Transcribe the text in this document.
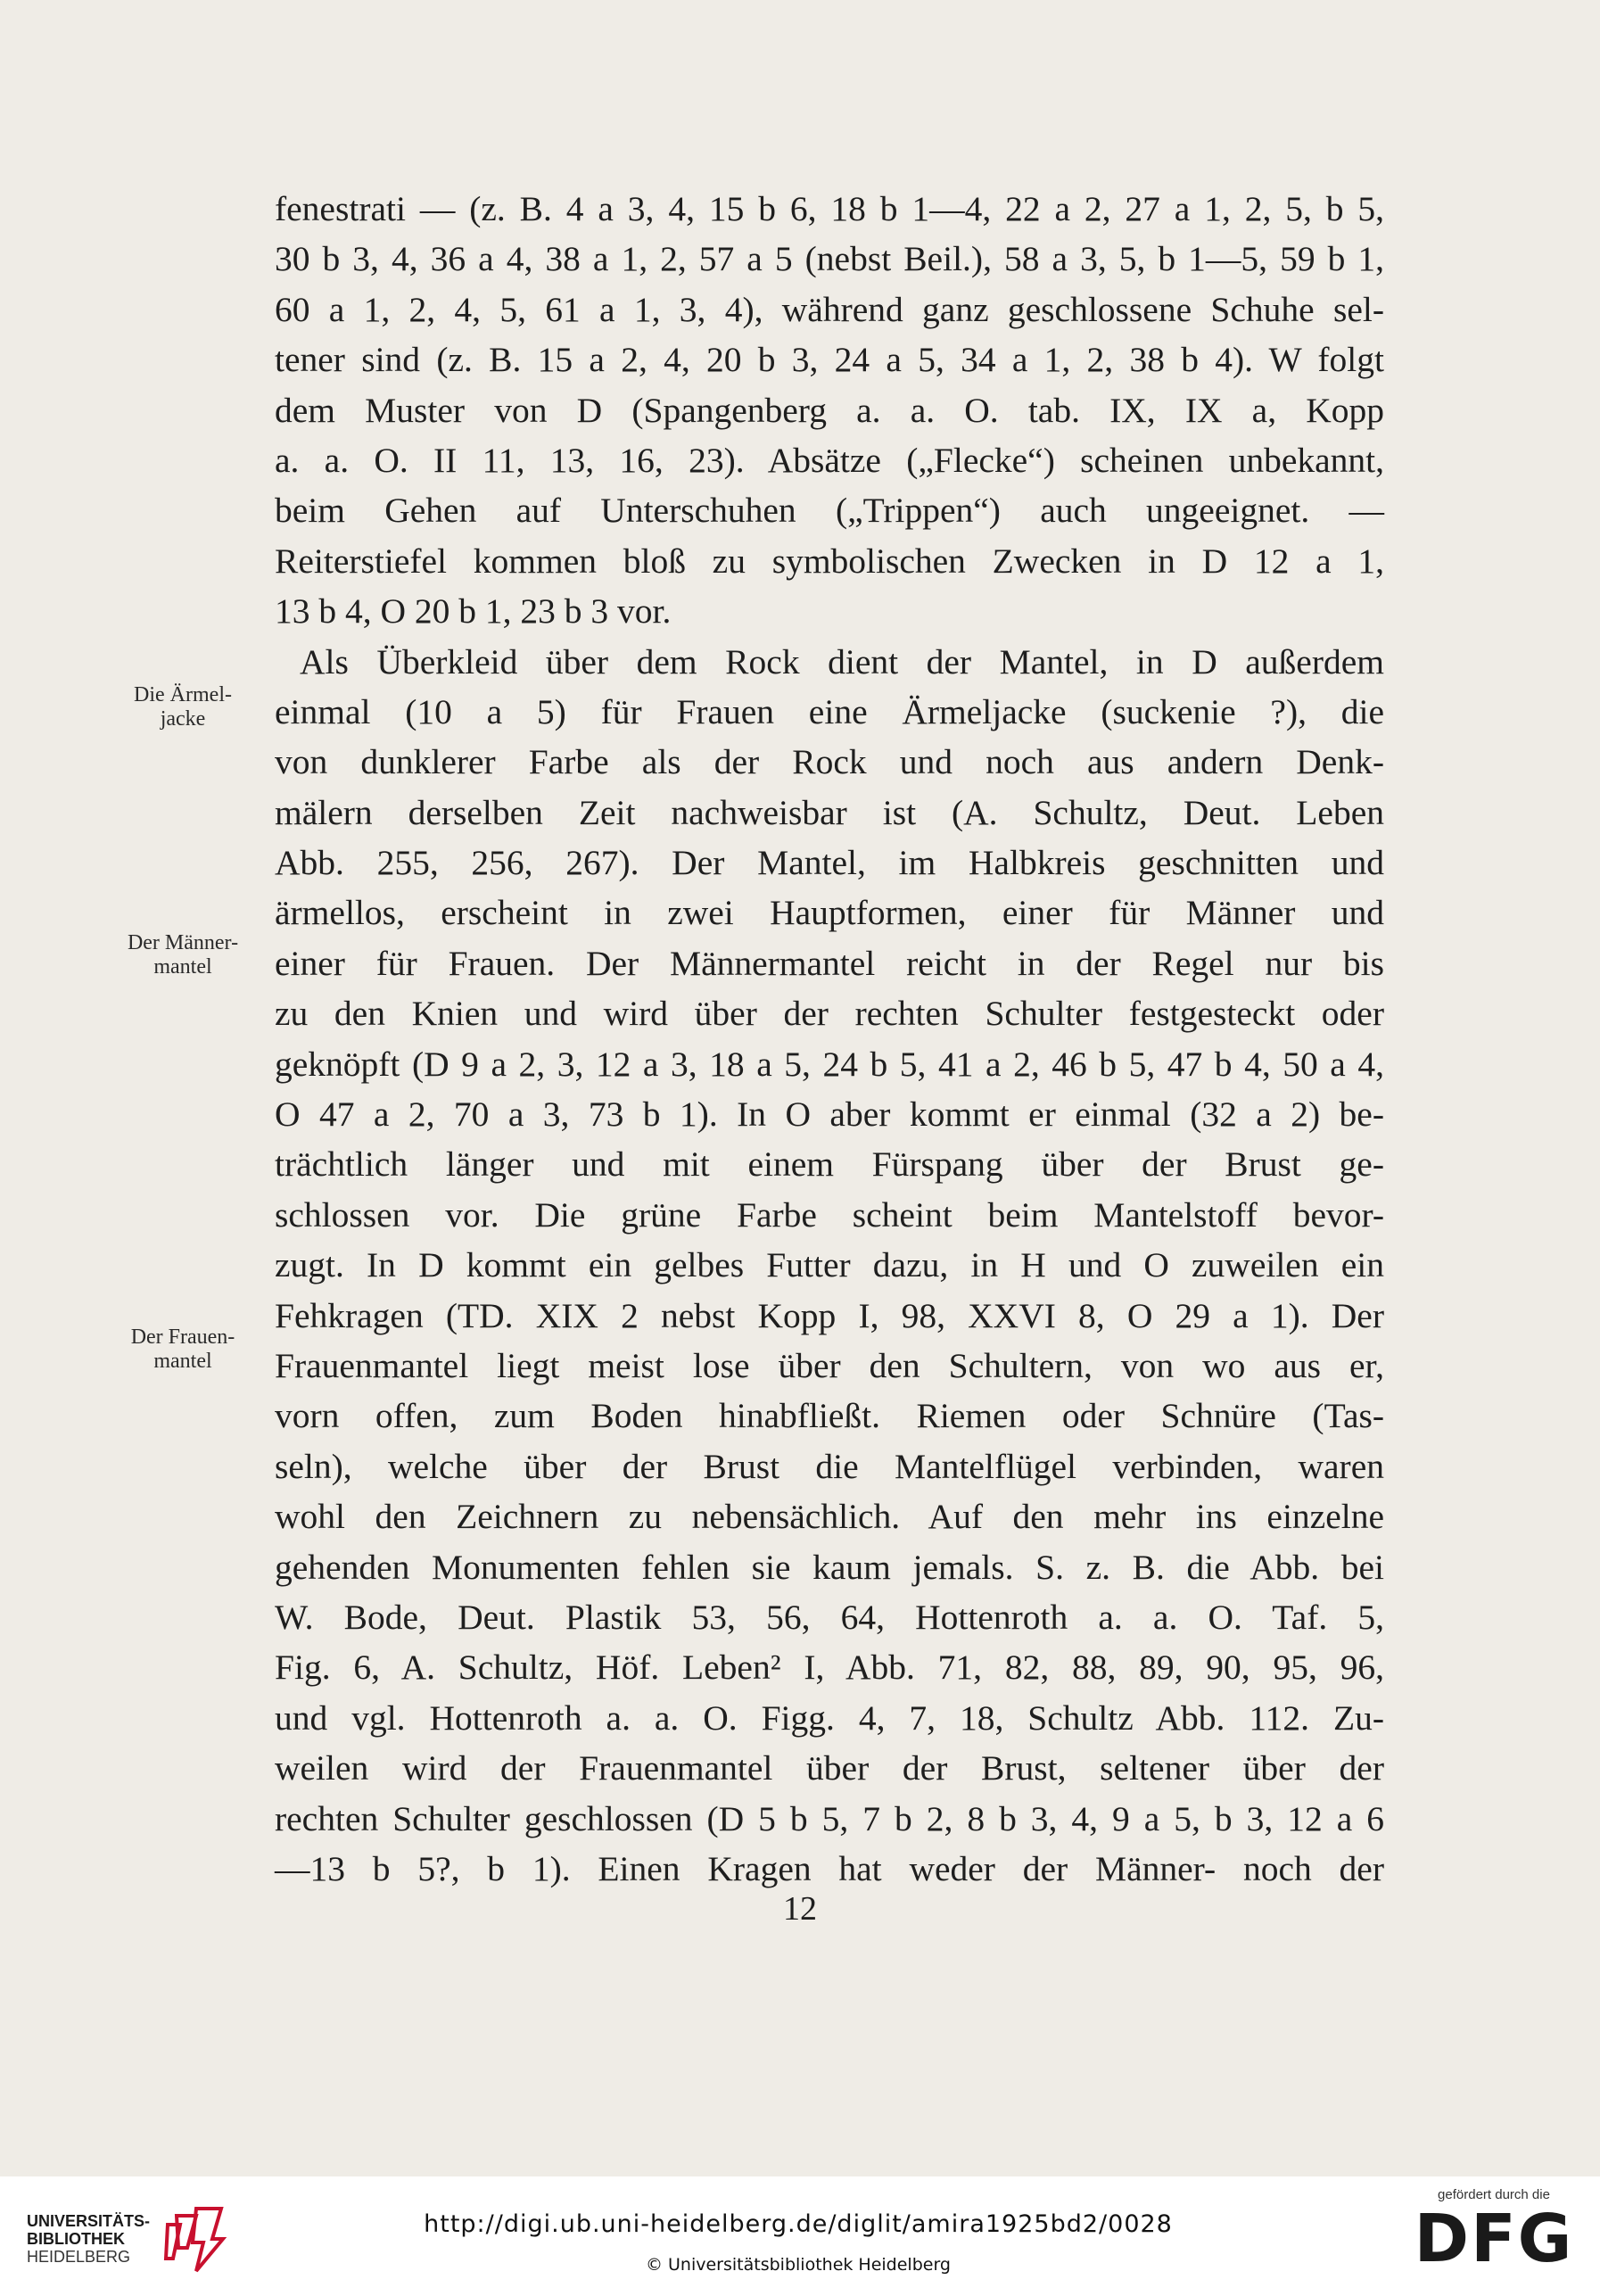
Die Ärmel-
jacke
Der Männer-
mantel
Der Frauen-
mantel
fenestrati — (z. B. 4 a 3, 4, 15 b 6, 18 b 1—4, 22 a 2, 27 a 1, 2, 5, b 5,
30 b 3, 4, 36 a 4, 38 a 1, 2, 57 a 5 (nebst Beil.), 58 a 3, 5, b 1—5, 59 b 1,
60 a 1, 2, 4, 5, 61 a 1, 3, 4), während ganz geschlossene Schuhe sel-
tener sind (z. B. 15 a 2, 4, 20 b 3, 24 a 5, 34 a 1, 2, 38 b 4). W folgt
dem Muster von D (Spangenberg a. a. O. tab. IX, IX a, Kopp
a. a. O. II 11, 13, 16, 23). Absätze („Flecke“) scheinen unbekannt,
beim Gehen auf Unterschuhen („Trippen“) auch ungeeignet. —
Reiterstiefel kommen bloß zu symbolischen Zwecken in D 12 a 1,
13 b 4, O 20 b 1, 23 b 3 vor.
Als Überkleid über dem Rock dient der Mantel, in D außerdem
einmal (10 a 5) für Frauen eine Ärmeljacke (suckenie ?), die
von dunklerer Farbe als der Rock und noch aus andern Denk-
mälern derselben Zeit nachweisbar ist (A. Schultz, Deut. Leben
Abb. 255, 256, 267). Der Mantel, im Halbkreis geschnitten und
ärmellos, erscheint in zwei Hauptformen, einer für Männer und
einer für Frauen. Der Männermantel reicht in der Regel nur bis
zu den Knien und wird über der rechten Schulter festgesteckt oder
geknöpft (D 9 a 2, 3, 12 a 3, 18 a 5, 24 b 5, 41 a 2, 46 b 5, 47 b 4, 50 a 4,
O 47 a 2, 70 a 3, 73 b 1). In O aber kommt er einmal (32 a 2) be-
trächtlich länger und mit einem Fürspang über der Brust ge-
schlossen vor. Die grüne Farbe scheint beim Mantelstoff bevor-
zugt. In D kommt ein gelbes Futter dazu, in H und O zuweilen ein
Fehkragen (TD. XIX 2 nebst Kopp I, 98, XXVI 8, O 29 a 1). Der
Frauenmantel liegt meist lose über den Schultern, von wo aus er,
vorn offen, zum Boden hinabfließt. Riemen oder Schnüre (Tas-
seln), welche über der Brust die Mantelflügel verbinden, waren
wohl den Zeichnern zu nebensächlich. Auf den mehr ins einzelne
gehenden Monumenten fehlen sie kaum jemals. S. z. B. die Abb. bei
W. Bode, Deut. Plastik 53, 56, 64, Hottenroth a. a. O. Taf. 5,
Fig. 6, A. Schultz, Höf. Leben² I, Abb. 71, 82, 88, 89, 90, 95, 96,
und vgl. Hottenroth a. a. O. Figg. 4, 7, 18, Schultz Abb. 112. Zu-
weilen wird der Frauenmantel über der Brust, seltener über der
rechten Schulter geschlossen (D 5 b 5, 7 b 2, 8 b 3, 4, 9 a 5, b 3, 12 a 6
—13 b 5?, b 1). Einen Kragen hat weder der Männer- noch der
12
UNIVERSITÄTS-
BIBLIOTHEK
HEIDELBERG
http://digi.ub.uni-heidelberg.de/diglit/amira1925bd2/0028
© Universitätsbibliothek Heidelberg
gefördert durch die
DFG
